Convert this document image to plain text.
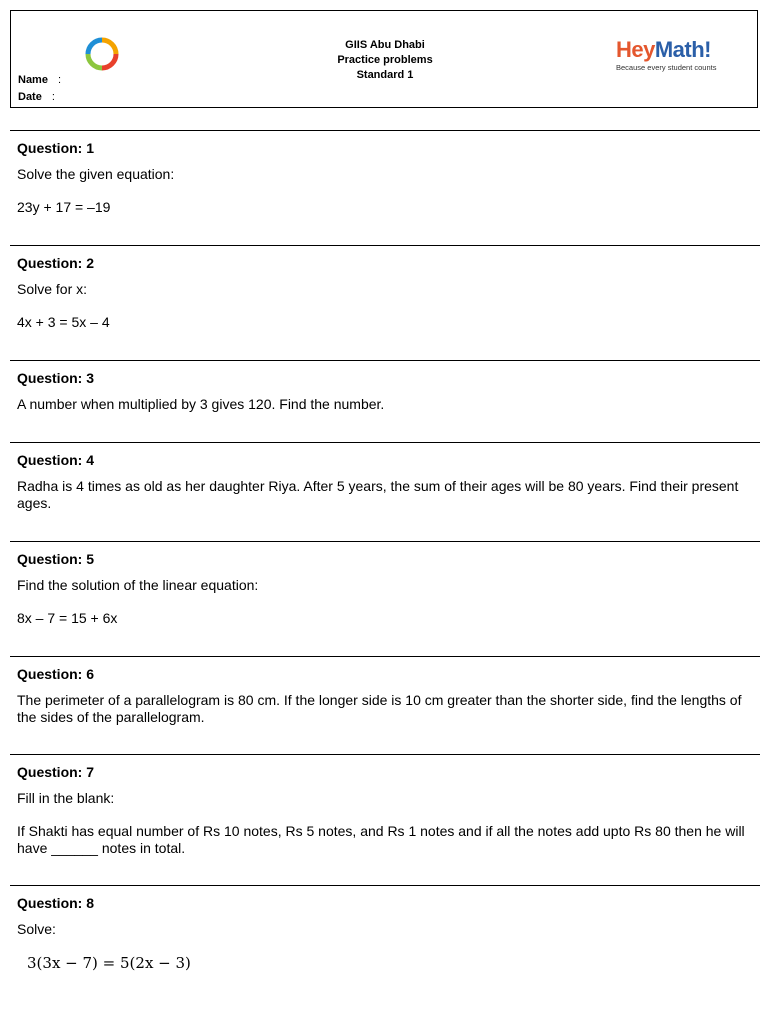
Name :
Date :
GIIS Abu Dhabi
Practice problems
Standard 1
HeyMath!
Because every student counts
Question: 1
Solve the given equation:
23y + 17 = –19
Question: 2
Solve for x:
4x + 3 = 5x – 4
Question: 3
A number when multiplied by 3 gives 120. Find the number.
Question: 4
Radha is 4 times as old as her daughter Riya. After 5 years, the sum of their ages will be 80 years. Find their present ages.
Question: 5
Find the solution of the linear equation:
8x – 7 = 15 + 6x
Question: 6
The perimeter of a parallelogram is 80 cm. If the longer side is 10 cm greater than the shorter side, find the lengths of the sides of the parallelogram.
Question: 7
Fill in the blank:
If Shakti has equal number of Rs 10 notes, Rs 5 notes, and Rs 1 notes and if all the notes add upto Rs 80 then he will have ______ notes in total.
Question: 8
Solve:
3(3x − 7) = 5(2x − 3)
